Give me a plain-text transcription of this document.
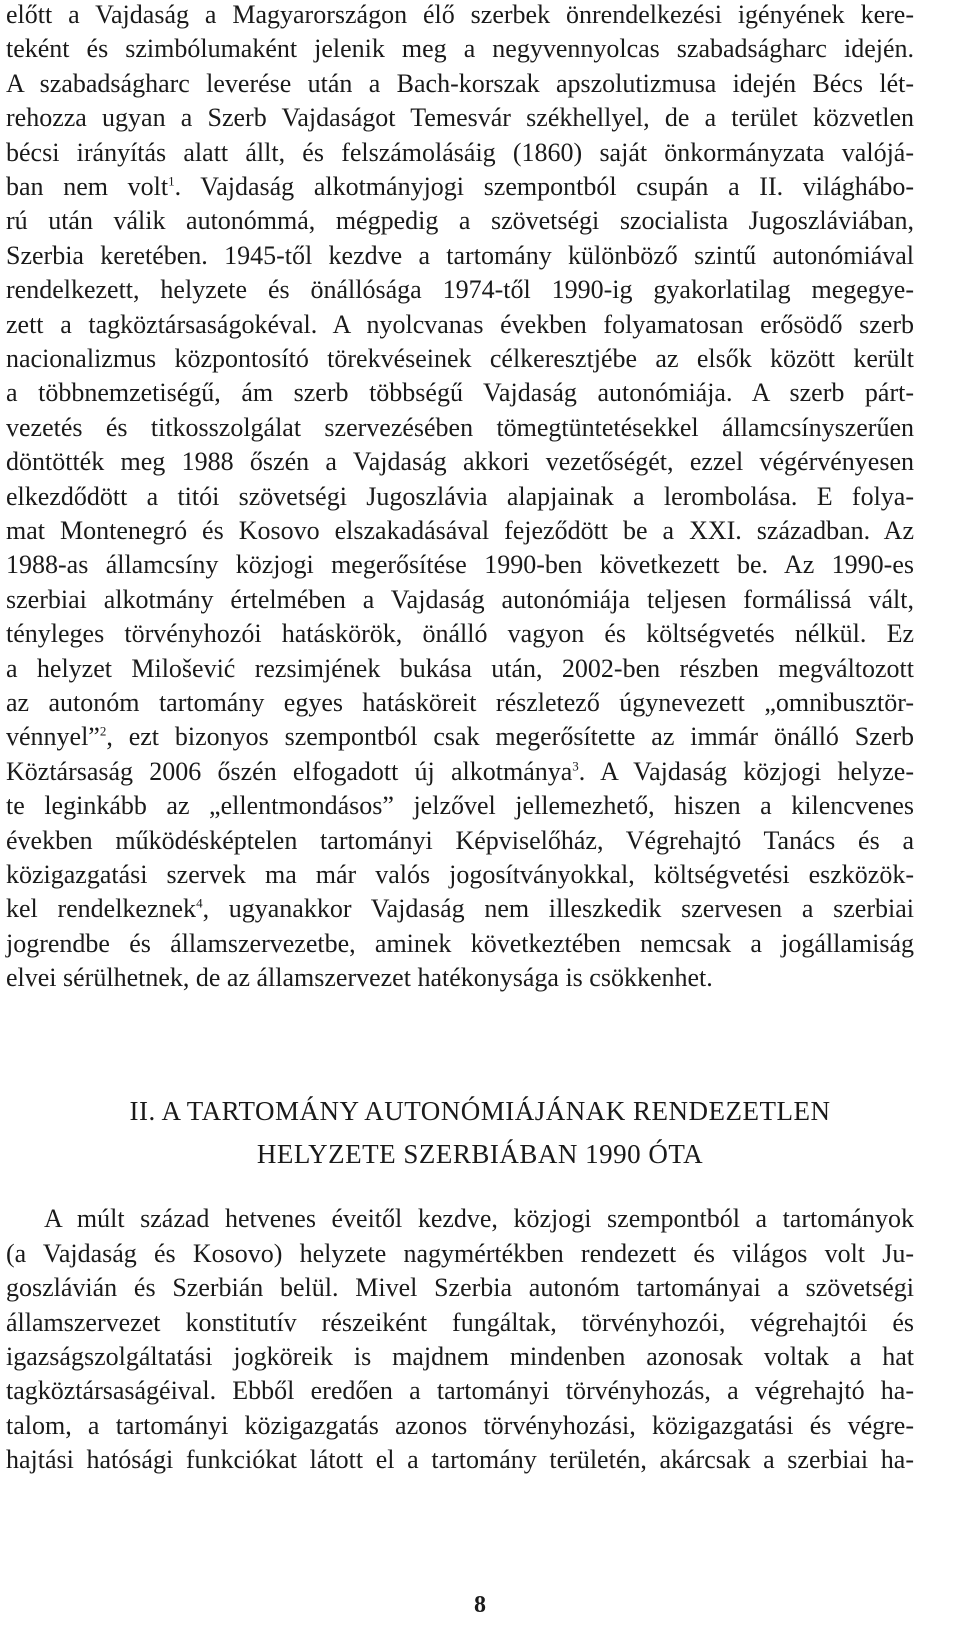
előtt a Vajdaság a Magyarországon élő szerbek önrendelkezési igényének kere-
teként és szimbólumaként jelenik meg a negyvennyolcas szabadságharc idején.
A szabadságharc leverése után a Bach-korszak apszolutizmusa idején Bécs lét-
rehozza ugyan a Szerb Vajdaságot Temesvár székhellyel, de a terület közvetlen
bécsi irányítás alatt állt, és felszámolásáig (1860) saját önkormányzata valójá-
ban nem volt$^1$. Vajdaság alkotmányjogi szempontból csupán a II. világhábo-
rú után válik autonómmá, mégpedig a szövetségi szocialista Jugoszláviában,
Szerbia keretében. 1945-től kezdve a tartomány különböző szintű autonómiával
rendelkezett, helyzete és önállósága 1974-től 1990-ig gyakorlatilag megegye-
zett a tagköztársaságokéval. A nyolcvanas években folyamatosan erősödő szerb
nacionalizmus központosító törekvéseinek célkeresztjébe az elsők között került
a többnemzetiségű, ám szerb többségű Vajdaság autonómiája. A szerb párt-
vezetés és titkosszolgálat szervezésében tömegtüntetésekkel államcsínyszerűen
döntötték meg 1988 őszén a Vajdaság akkori vezetőségét, ezzel végérvényesen
elkezdődött a titói szövetségi Jugoszlávia alapjainak a lerombolása. E folya-
mat Montenegró és Kosovo elszakadásával fejeződött be a XXI. században. Az
1988-as államcsíny közjogi megerősítése 1990-ben következett be. Az 1990-es
szerbiai alkotmány értelmében a Vajdaság autonómiája teljesen formálissá vált,
tényleges törvényhozói hatáskörök, önálló vagyon és költségvetés nélkül. Ez
a helyzet Milošević rezsimjének bukása után, 2002-ben részben megváltozott
az autonóm tartomány egyes hatásköreit részletező úgynevezett „omnibusztör-
vénnyel”$^2$, ezt bizonyos szempontból csak megerősítette az immár önálló Szerb
Köztársaság 2006 őszén elfogadott új alkotmánya$^3$. A Vajdaság közjogi helyze-
te leginkább az „ellentmondásos” jelzővel jellemezhető, hiszen a kilencvenes
években működésképtelen tartományi Képviselőház, Végrehajtó Tanács és a
közigazgatási szervek ma már valós jogosítványokkal, költségvetési eszközök-
kel rendelkeznek$^4$, ugyanakkor Vajdaság nem illeszkedik szervesen a szerbiai
jogrendbe és államszervezetbe, aminek következtében nemcsak a jogállamiság
elvei sérülhetnek, de az államszervezet hatékonysága is csökkenhet.
II. A TARTOMÁNY AUTONÓMIÁJÁNAK RENDEZETLEN
HELYZETE SZERBIÁBAN 1990 ÓTA
A múlt század hetvenes éveitől kezdve, közjogi szempontból a tartományok
(a Vajdaság és Kosovo) helyzete nagymértékben rendezett és világos volt Ju-
goszlávián és Szerbián belül. Mivel Szerbia autonóm tartományai a szövetségi
államszervezet konstitutív részeiként fungáltak, törvényhozói, végrehajtói és
igazságszolgáltatási jogköreik is majdnem mindenben azonosak voltak a hat
tagköztársaságéival. Ebből eredően a tartományi törvényhozás, a végrehajtó ha-
talom, a tartományi közigazgatás azonos törvényhozási, közigazgatási és végre-
hajtási hatósági funkciókat látott el a tartomány területén, akárcsak a szerbiai ha-
8
